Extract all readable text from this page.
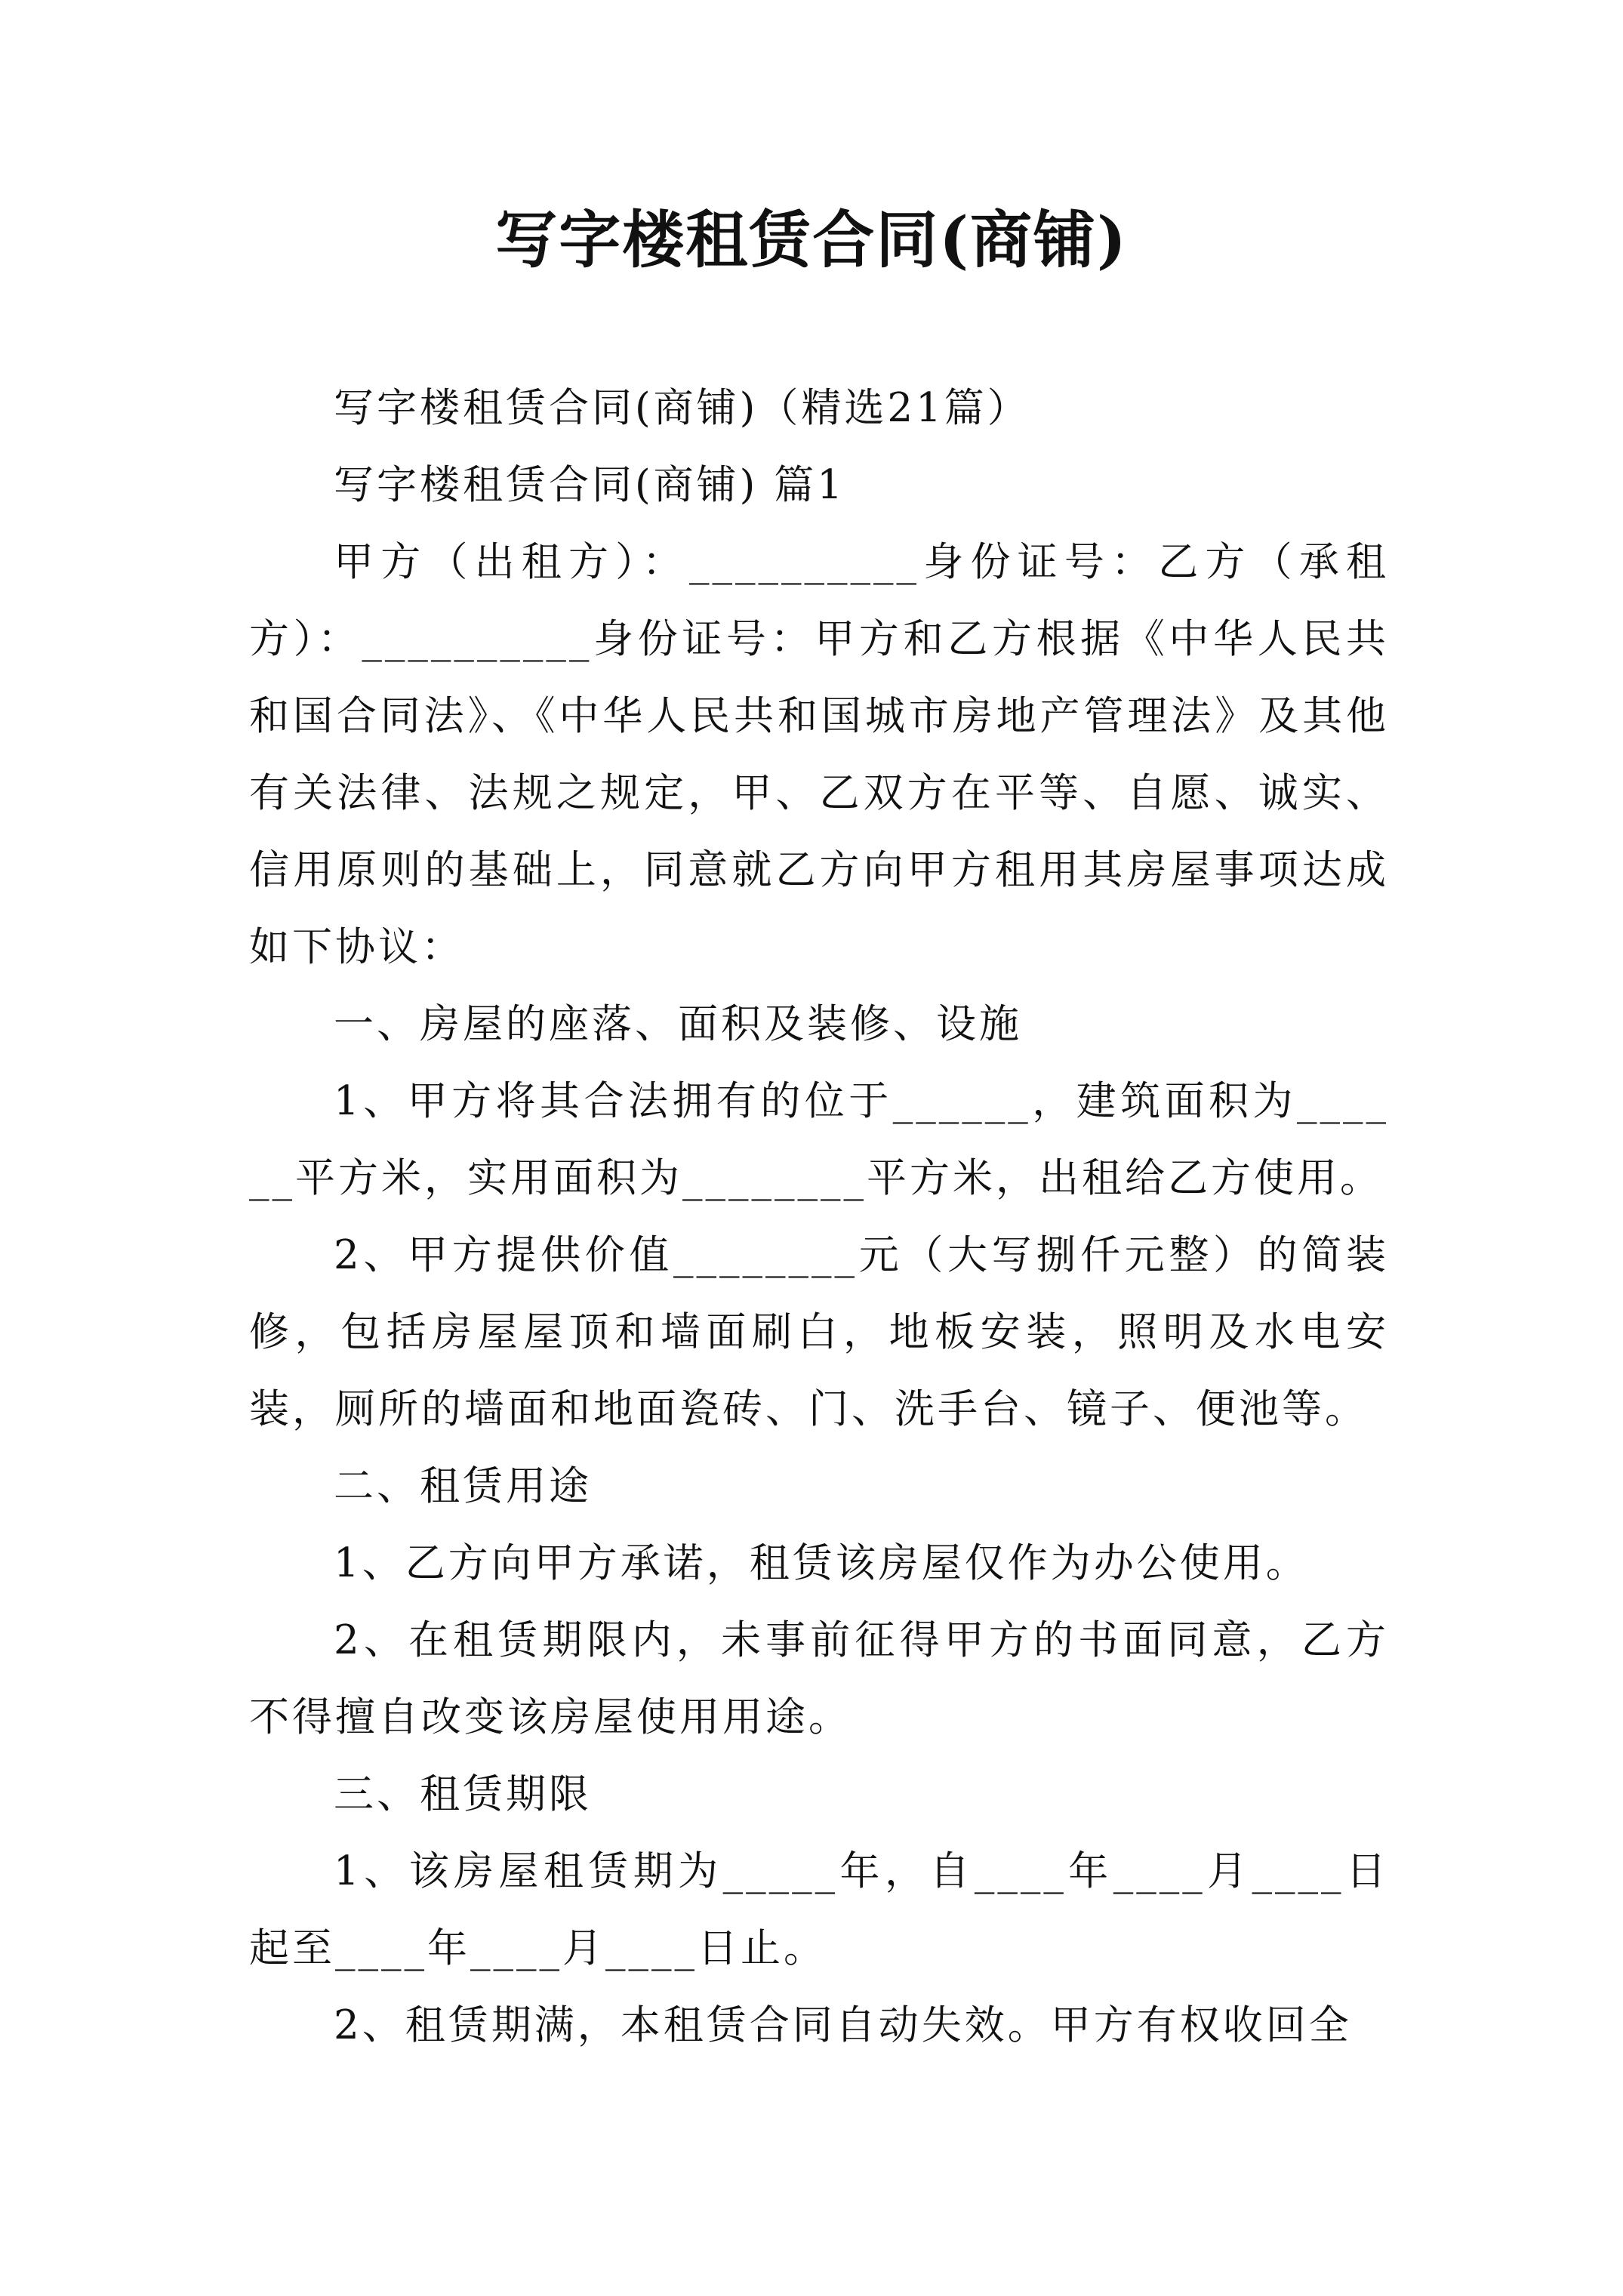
写字楼租赁合同(商铺)

写字楼租赁合同(商铺)（精选21篇）

写字楼租赁合同(商铺) 篇1

甲方（出租方）：__________身份证号：乙方（承租方）：__________身份证号：甲方和乙方根据《中华人民共和国合同法》、《中华人民共和国城市房地产管理法》及其他有关法律、法规之规定，甲、乙双方在平等、自愿、诚实、信用原则的基础上，同意就乙方向甲方租用其房屋事项达成如下协议：

一、房屋的座落、面积及装修、设施

1、甲方将其合法拥有的位于______，建筑面积为______平方米，实用面积为________平方米，出租给乙方使用。

2、甲方提供价值________元（大写捌仟元整）的简装修，包括房屋屋顶和墙面刷白，地板安装，照明及水电安装，厕所的墙面和地面瓷砖、门、洗手台、镜子、便池等。

二、租赁用途

1、乙方向甲方承诺，租赁该房屋仅作为办公使用。

2、在租赁期限内，未事前征得甲方的书面同意，乙方不得擅自改变该房屋使用用途。

三、租赁期限

1、该房屋租赁期为_____年，自____年____月____日起至____年____月____日止。

2、租赁期满，本租赁合同自动失效。甲方有权收回全
